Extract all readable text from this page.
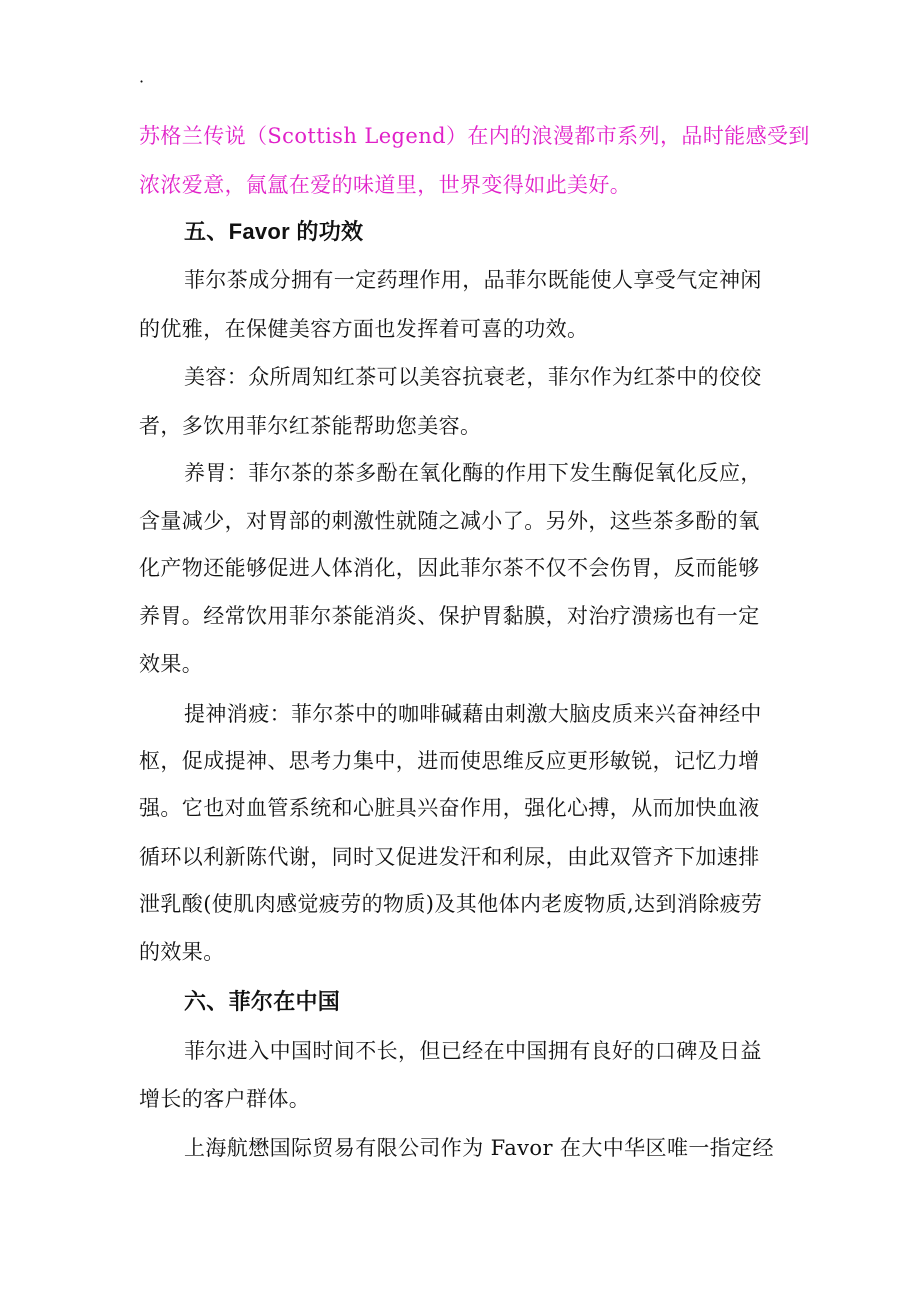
·
苏格兰传说（Scottish Legend）在内的浪漫都市系列，品时能感受到
浓浓爱意，氤氲在爱的味道里，世界变得如此美好。
五、Favor 的功效
菲尔茶成分拥有一定药理作用，品菲尔既能使人享受气定神闲
的优雅，在保健美容方面也发挥着可喜的功效。
美容：众所周知红茶可以美容抗衰老，菲尔作为红茶中的佼佼
者，多饮用菲尔红茶能帮助您美容。
养胃：菲尔茶的茶多酚在氧化酶的作用下发生酶促氧化反应，
含量减少，对胃部的刺激性就随之减小了。另外，这些茶多酚的氧
化产物还能够促进人体消化，因此菲尔茶不仅不会伤胃，反而能够
养胃。经常饮用菲尔茶能消炎、保护胃黏膜，对治疗溃疡也有一定
效果。
提神消疲：菲尔茶中的咖啡碱藉由刺激大脑皮质来兴奋神经中
枢，促成提神、思考力集中，进而使思维反应更形敏锐，记忆力增
强。它也对血管系统和心脏具兴奋作用，强化心搏，从而加快血液
循环以利新陈代谢，同时又促进发汗和利尿，由此双管齐下加速排
泄乳酸(使肌肉感觉疲劳的物质)及其他体内老废物质,达到消除疲劳
的效果。
六、菲尔在中国
菲尔进入中国时间不长，但已经在中国拥有良好的口碑及日益
增长的客户群体。
上海航懋国际贸易有限公司作为 Favor 在大中华区唯一指定经
